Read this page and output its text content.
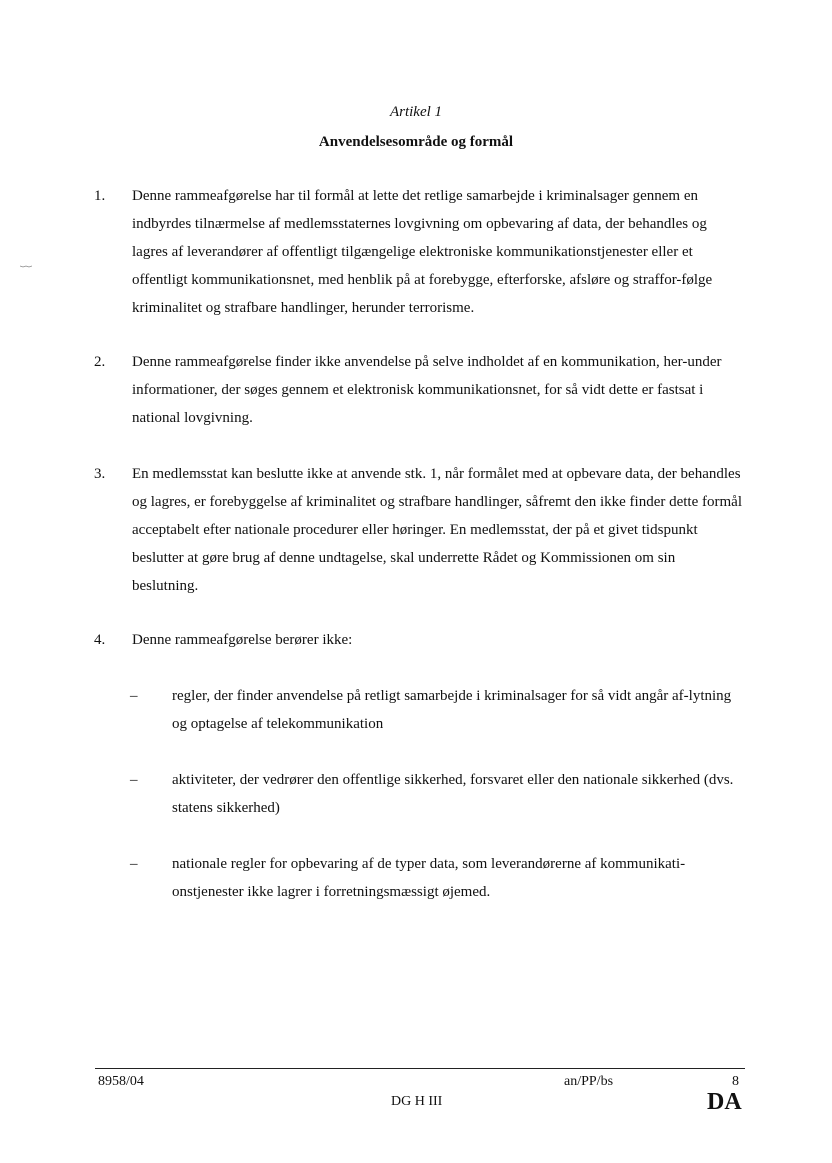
Artikel 1
Anvendelsesområde og formål
1. Denne rammeafgørelse har til formål at lette det retlige samarbejde i kriminalsager gennem en indbyrdes tilnærmelse af medlemsstaternes lovgivning om opbevaring af data, der behandles og lagres af leverandører af offentligt tilgængelige elektroniske kommunikationstjenester eller et offentligt kommunikationsnet, med henblik på at forebygge, efterforske, afsløre og straffor-følge kriminalitet og strafbare handlinger, herunder terrorisme.
2. Denne rammeafgørelse finder ikke anvendelse på selve indholdet af en kommunikation, her-under informationer, der søges gennem et elektronisk kommunikationsnet, for så vidt dette er fastsat i national lovgivning.
3. En medlemsstat kan beslutte ikke at anvende stk. 1, når formålet med at opbevare data, der behandles og lagres, er forebyggelse af kriminalitet og strafbare handlinger, såfremt den ikke finder dette formål acceptabelt efter nationale procedurer eller høringer. En medlemsstat, der på et givet tidspunkt beslutter at gøre brug af denne undtagelse, skal underrette Rådet og Kommissionen om sin beslutning.
4. Denne rammeafgørelse berører ikke:
– regler, der finder anvendelse på retligt samarbejde i kriminalsager for så vidt angår af-lytning og optagelse af telekommunikation
– aktiviteter, der vedrører den offentlige sikkerhed, forsvaret eller den nationale sikkerhed (dvs. statens sikkerhed)
– nationale regler for opbevaring af de typer data, som leverandørerne af kommunikati-onstjenester ikke lagrer i forretningsmæssigt øjemed.
8958/04	an/PP/bs	8
DG H III	DA
